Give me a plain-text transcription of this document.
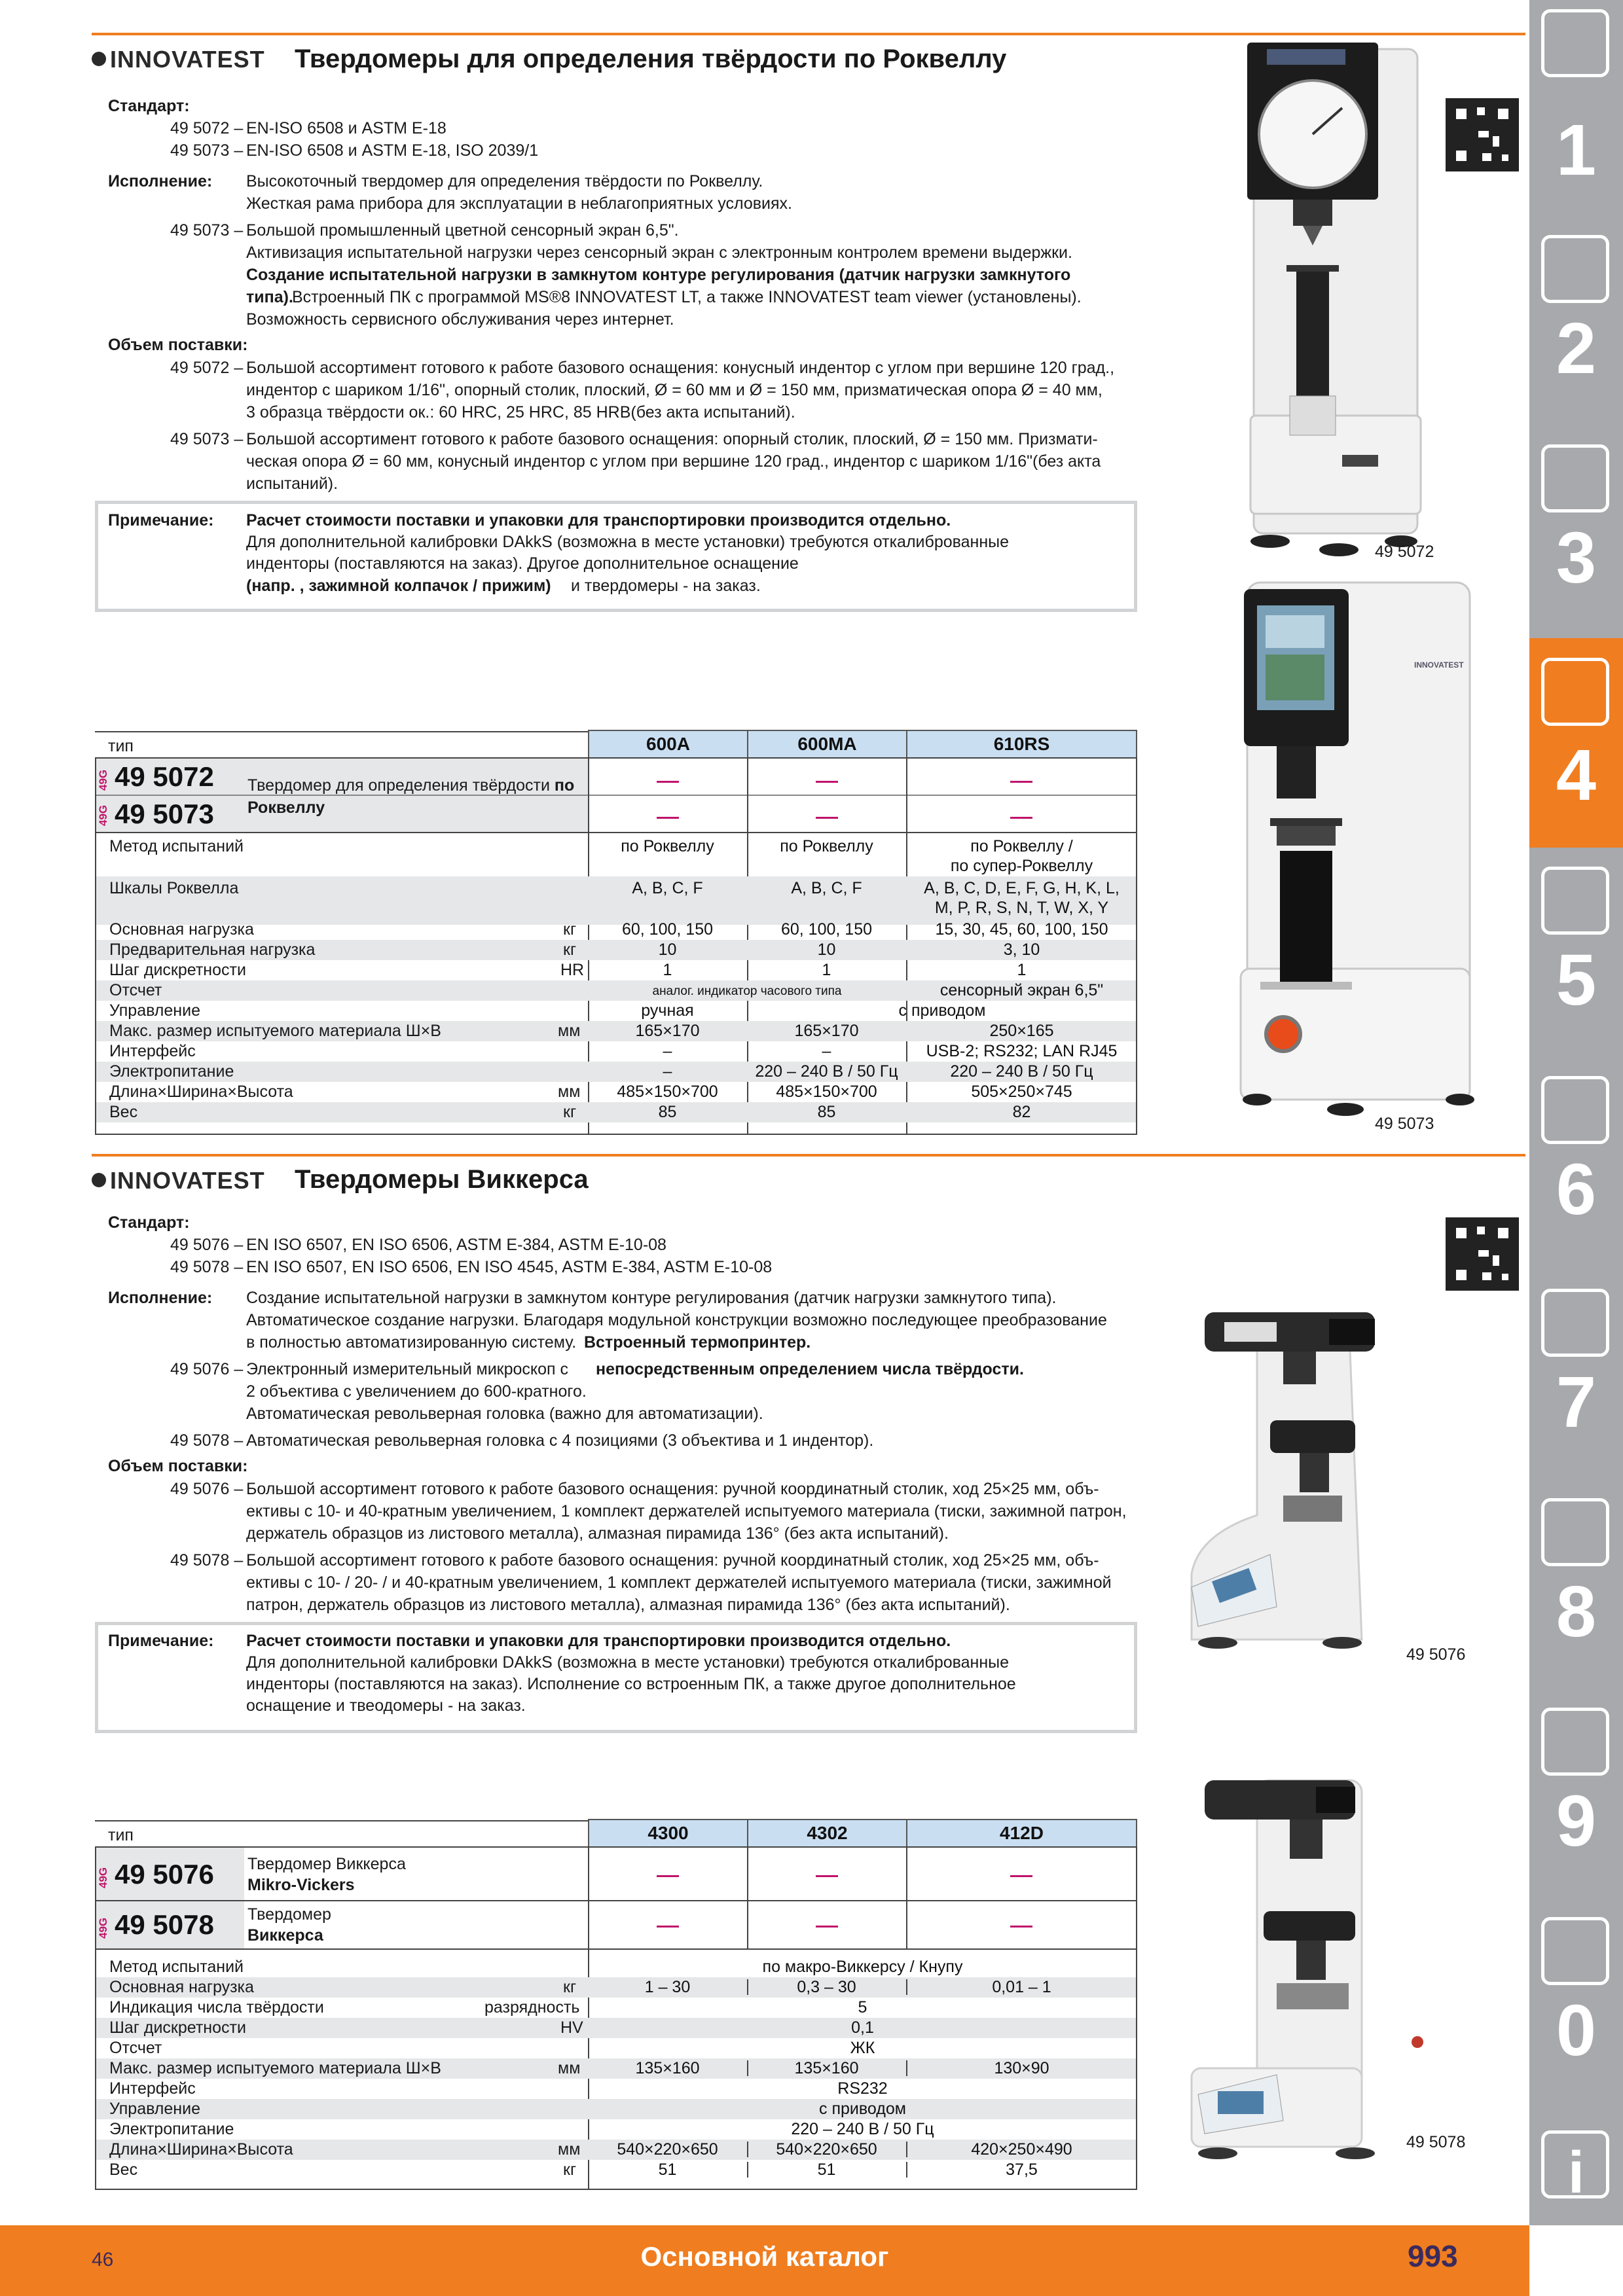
1
2
3
4
5
6
7
8
9
0
i
46	Основной каталог	993
INNOVATEST Твердомеры для определения твёрдости по Роквеллу
Стандарт:
49 5072 – EN-ISO 6508 и ASTM E-18
49 5073 – EN-ISO 6508 и ASTM E-18, ISO 2039/1
Исполнение: Высокоточный твердомер для определения твёрдости по Роквеллу.
Жесткая рама прибора для эксплуатации в неблагоприятных условиях.
49 5073 – Большой промышленный цветной сенсорный экран 6,5".
Активизация испытательной нагрузки через сенсорный экран с электронным контролем времени выдержки.
Создание испытательной нагрузки в замкнутом контуре регулирования (датчик нагрузки замкнутого
типа).
Встроенный ПК с программой MS®8 INNOVATEST LT, а также INNOVATEST team viewer (установлены).
Возможность сервисного обслуживания через интернет.
Объем поставки:
49 5072 – Большой ассортимент готового к работе базового оснащения: конусный индентор с углом при вершине 120 град.,
индентор с шариком 1/16", опорный столик, плоский, Ø = 60 мм и Ø = 150 мм, призматическая опора Ø = 40 мм,
3 образца твёрдости ок.: 60 HRC, 25 HRC, 85 HRB(без акта испытаний).
49 5073 – Большой ассортимент готового к работе базового оснащения: опорный столик, плоский, Ø = 150 мм. Призмати-
ческая опора Ø = 60 мм, конусный индентор с углом при вершине 120 град., индентор с шариком 1/16"(без акта
испытаний).
Примечание: Расчет стоимости поставки и упаковки для транспортировки производится отдельно.
Для дополнительной калибровки DAkkS (возможна в месте установки) требуются откалиброванные
инденторы (поставляются на заказ). Другое дополнительное оснащение
(напр. , зажимной колпачок / прижим) и твердомеры - на заказ.
49 5072
INNOVATEST
49 5073
тип	600A	600MA	610RS
49G 49 5072
49G 49 5073
Твердомер для определения твёрдости по
Роквеллу
Метод испытаний	по Роквеллу	по Роквеллу	по Роквеллу /
по супер-Роквеллу
Шкалы Роквелла	A, B, C, F	A, B, C, F	A, B, C, D, E, F, G, H, K, L,
M, P, R, S, N, T, W, X, Y
Основная нагрузка	кг	60, 100, 150	60, 100, 150	15, 30, 45, 60, 100, 150
Предварительная нагрузка	кг	10	10	3, 10
Шаг дискретности	HR	1	1	1
Отсчет	аналог. индикатор часового типа	сенсорный экран 6,5"
Управление	ручная	с приводом
Макс. размер испытуемого материала Ш×В	мм	165×170	165×170	250×165
Интерфейс	–	–	USB-2; RS232; LAN RJ45
Электропитание	–	220 – 240 В / 50 Гц	220 – 240 В / 50 Гц
Длина×Ширина×Высота	мм	485×150×700	485×150×700	505×250×745
Вес	кг	85	85	82
INNOVATEST Твердомеры Виккерса
Стандарт:
49 5076 – EN ISO 6507, EN ISO 6506, ASTM E-384, ASTM E-10-08
49 5078 – EN ISO 6507, EN ISO 6506, EN ISO 4545, ASTM E-384, ASTM E-10-08
Исполнение: Создание испытательной нагрузки в замкнутом контуре регулирования (датчик нагрузки замкнутого типа).
Автоматическое создание нагрузки. Благодаря модульной конструкции возможно последующее преобразование
в полностью автоматизированную систему. Встроенный термопринтер.
49 5076 – Электронный измерительный микроскоп с непосредственным определением числа твёрдости.
2 объектива с увеличением до 600-кратного.
Автоматическая револьверная головка (важно для автоматизации).
49 5078 – Автоматическая револьверная головка с 4 позициями (3 объектива и 1 индентор).
Объем поставки:
49 5076 – Большой ассортимент готового к работе базового оснащения: ручной координатный столик, ход 25×25 мм, объ-
ективы с 10- и 40-кратным увеличением, 1 комплект держателей испытуемого материала (тиски, зажимной патрон,
держатель образцов из листового металла), алмазная пирамида 136° (без акта испытаний).
49 5078 – Большой ассортимент готового к работе базового оснащения: ручной координатный столик, ход 25×25 мм, объ-
ективы с 10- / 20- / и 40-кратным увеличением, 1 комплект держателей испытуемого материала (тиски, зажимной
патрон, держатель образцов из листового металла), алмазная пирамида 136° (без акта испытаний).
Примечание: Расчет стоимости поставки и упаковки для транспортировки производится отдельно.
Для дополнительной калибровки DAkkS (возможна в месте установки) требуются откалиброванные
инденторы (поставляются на заказ). Исполнение со встроенным ПК, а также другое дополнительное
оснащение и твеодомеры - на заказ.
49 5076
49 5078
тип	4300	4302	412D
49G 49 5076 Твердомер Виккерса
Mikro-Vickers
49G 49 5078 Твердомер
Виккерса
Метод испытаний	по макро-Виккерсу / Кнупу
Основная нагрузка	кг	1 – 30	0,3 – 30	0,01 – 1
Индикация числа твёрдости	разрядность	5
Шаг дискретности	HV	0,1
Отсчет	ЖК
Макс. размер испытуемого материала Ш×В	мм	135×160	135×160	130×90
Интерфейс	RS232
Управление	с приводом
Электропитание	220 – 240 В / 50 Гц
Длина×Ширина×Высота	мм	540×220×650	540×220×650	420×250×490
Вес	кг	51	51	37,5
